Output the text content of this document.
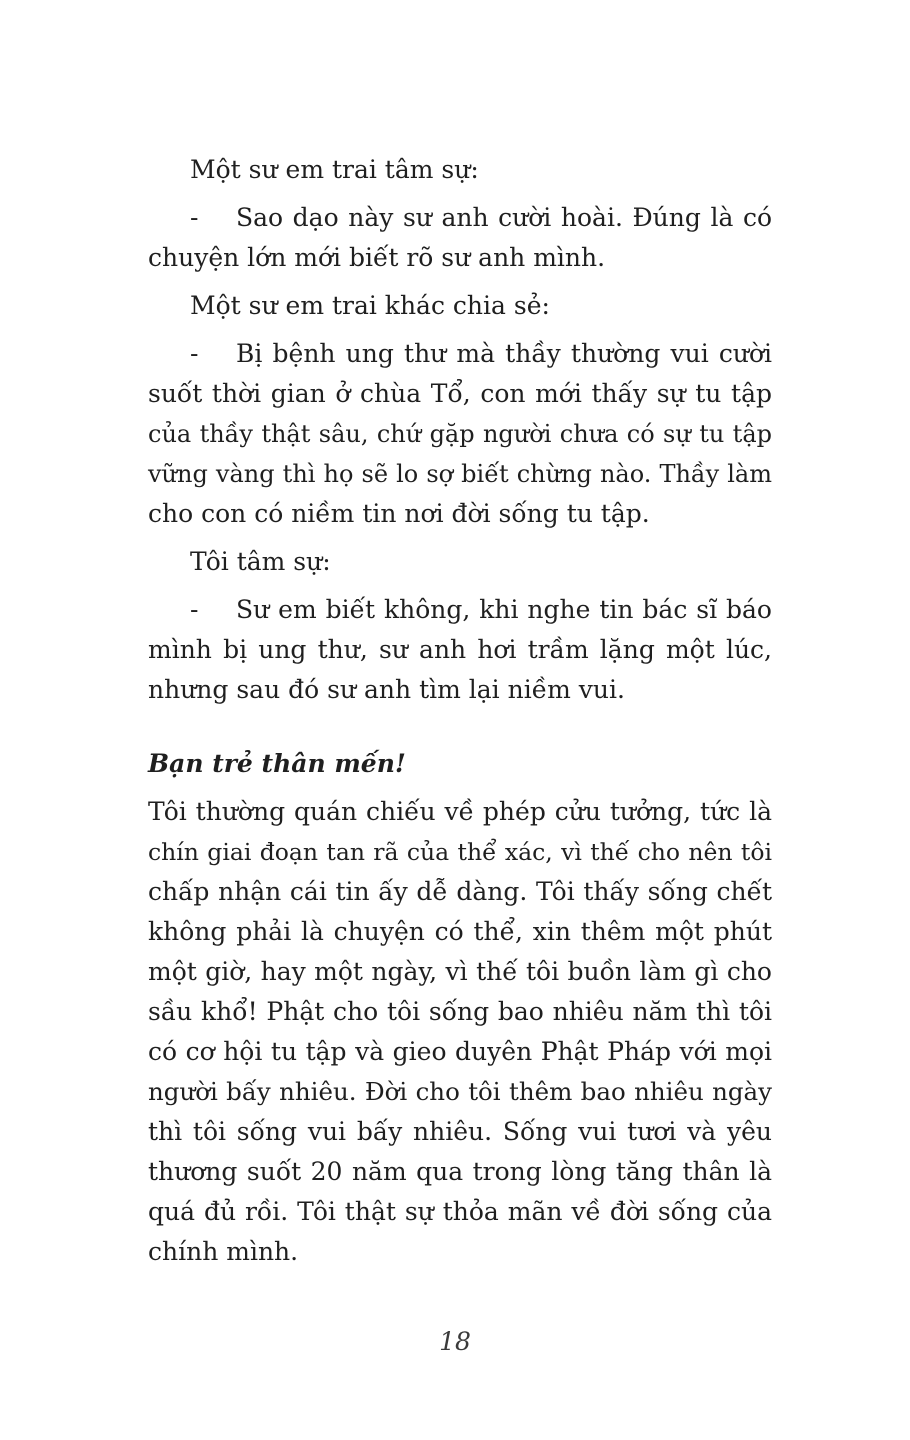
Một sư em trai tâm sự:
- Sao dạo này sư anh cười hoài. Đúng là có
chuyện lớn mới biết rõ sư anh mình.
Một sư em trai khác chia sẻ:
- Bị bệnh ung thư mà thầy thường vui cười
suốt thời gian ở chùa Tổ, con mới thấy sự tu tập
của thầy thật sâu, chứ gặp người chưa có sự tu tập
vững vàng thì họ sẽ lo sợ biết chừng nào. Thầy làm
cho con có niềm tin nơi đời sống tu tập.
Tôi tâm sự:
- Sư em biết không, khi nghe tin bác sĩ báo
mình bị ung thư, sư anh hơi trầm lặng một lúc,
nhưng sau đó sư anh tìm lại niềm vui.
Bạn trẻ thân mến!
Tôi thường quán chiếu về phép cửu tưởng, tức là
chín giai đoạn tan rã của thể xác, vì thế cho nên tôi
chấp nhận cái tin ấy dễ dàng. Tôi thấy sống chết
không phải là chuyện có thể, xin thêm một phút
một giờ, hay một ngày, vì thế tôi buồn làm gì cho
sầu khổ! Phật cho tôi sống bao nhiêu năm thì tôi
có cơ hội tu tập và gieo duyên Phật Pháp với mọi
người bấy nhiêu. Đời cho tôi thêm bao nhiêu ngày
thì tôi sống vui bấy nhiêu. Sống vui tươi và yêu
thương suốt 20 năm qua trong lòng tăng thân là
quá đủ rồi. Tôi thật sự thỏa mãn về đời sống của
chính mình.
18
